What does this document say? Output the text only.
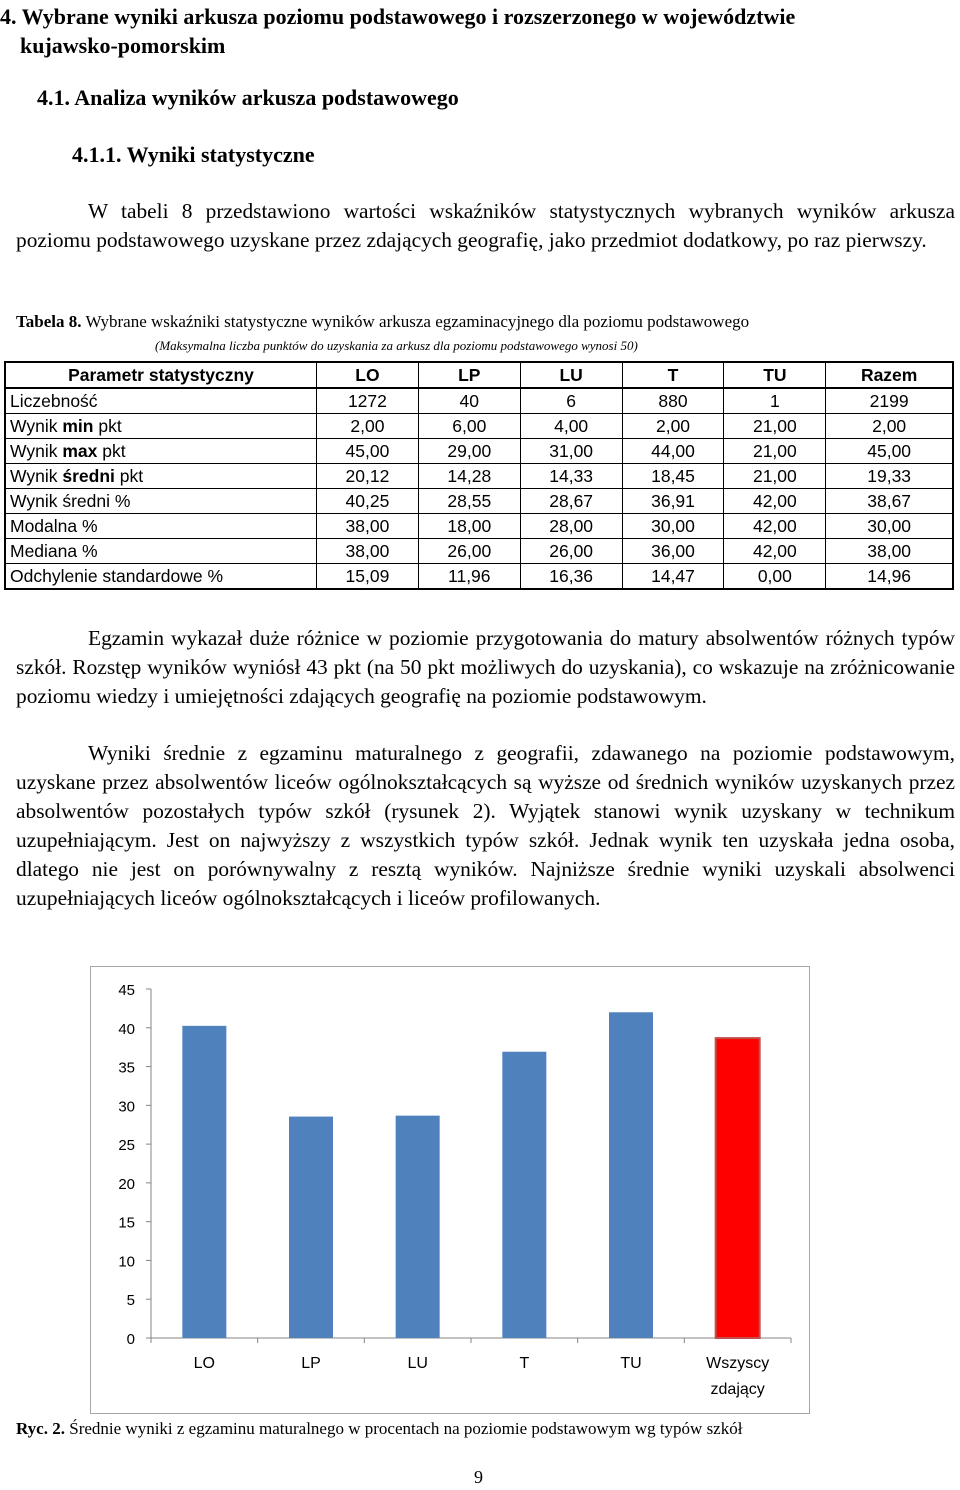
4. Wybrane wyniki arkusza poziomu podstawowego i rozszerzonego w województwie
kujawsko-pomorskim
4.1. Analiza wyników arkusza podstawowego
4.1.1. Wyniki statystyczne
W tabeli 8 przedstawiono wartości wskaźników statystycznych wybranych wyników arkusza poziomu podstawowego uzyskane przez zdających geografię, jako przedmiot dodatkowy, po raz pierwszy.
Tabela 8. Wybrane wskaźniki statystyczne wyników arkusza egzaminacyjnego dla poziomu podstawowego
(Maksymalna liczba punktów do uzyskania za arkusz dla poziomu podstawowego wynosi 50)
Parametr statystyczny	LO	LP	LU	T	TU	Razem
Liczebność	1272	40	6	880	1	2199
Wynik min pkt	2,00	6,00	4,00	2,00	21,00	2,00
Wynik max pkt	45,00	29,00	31,00	44,00	21,00	45,00
Wynik średni pkt	20,12	14,28	14,33	18,45	21,00	19,33
Wynik średni %	40,25	28,55	28,67	36,91	42,00	38,67
Modalna %	38,00	18,00	28,00	30,00	42,00	30,00
Mediana %	38,00	26,00	26,00	36,00	42,00	38,00
Odchylenie standardowe %	15,09	11,96	16,36	14,47	0,00	14,96
Egzamin wykazał duże różnice w poziomie przygotowania do matury absolwentów różnych typów szkół. Rozstęp wyników wyniósł 43 pkt (na 50 pkt możliwych do uzyskania), co wskazuje na zróżnicowanie poziomu wiedzy i umiejętności zdających geografię na poziomie podstawowym.
Wyniki średnie z egzaminu maturalnego z geografii, zdawanego na poziomie podstawowym, uzyskane przez absolwentów liceów ogólnokształcących są wyższe od średnich wyników uzyskanych przez absolwentów pozostałych typów szkół (rysunek 2). Wyjątek stanowi wynik uzyskany w technikum uzupełniającym. Jest on najwyższy z wszystkich typów szkół. Jednak wynik ten uzyskała jedna osoba, dlatego nie jest on porównywalny z resztą wyników. Najniższe średnie wyniki uzyskali absolwenci uzupełniających liceów ogólnokształcących i liceów profilowanych.
0
5
10
15
20
25
30
35
40
45
LO	LP	LU	T	TU	Wszyscy
zdający
Ryc. 2. Średnie wyniki z egzaminu maturalnego w procentach na poziomie podstawowym wg typów szkół
9
